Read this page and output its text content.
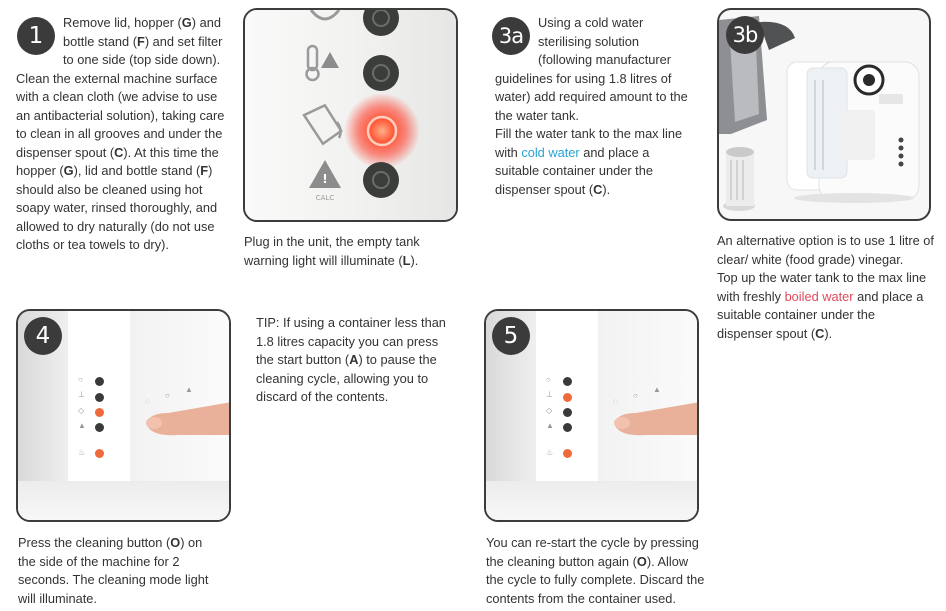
1

Remove lid, hopper (G) and

bottle stand (F) and set filter

to one side (top side down).

Clean the external machine surface

with a clean cloth (we advise to use

an antibacterial solution), taking care

to clean in all grooves and under the

dispenser spout (C). At this time the

hopper (G), lid and bottle stand (F)

should also be cleaned using hot

soapy water, rinsed thoroughly, and

allowed to dry naturally (do not use

cloths or tea towels to dry).

!
CALC

Plug in the unit, the empty tank

warning light will illuminate (L).

3a

Using a cold water

sterilising solution

(following manufacturer

guidelines for using 1.8 litres of

water) add required amount to the

the water tank.

Fill the water tank to the max line

with cold water and place a

suitable container under the

dispenser spout (C).

3b

An alternative option is to use 1 litre of

clear/ white (food grade) vinegar.

Top up the water tank to the max line

with freshly boiled water and place a

suitable container under the

dispenser spout (C).

○
⊥
◇
▲
♨
◌
○
▲
4

Press the cleaning button (O) on

the side of the machine for 2

seconds. The cleaning mode light

will illuminate.

TIP: If using a container less than

1.8 litres capacity you can press

the start button (A) to pause the

cleaning cycle, allowing you to

discard of the contents.

○
⊥
◇
▲
♨
◌
○
▲
5

You can re-start the cycle by pressing

the cleaning button again (O). Allow

the cycle to fully complete. Discard the

contents from the container used.
